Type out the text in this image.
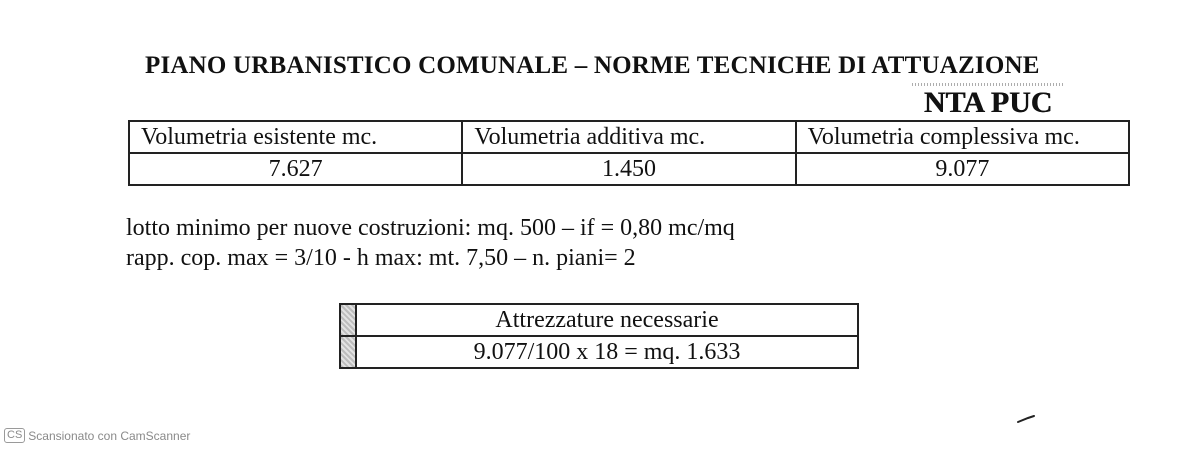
PIANO URBANISTICO COMUNALE – NORME TECNICHE DI ATTUAZIONE
NTA PUC
Volumetria esistente mc.	Volumetria additiva mc.	Volumetria complessiva mc.
7.627	1.450	9.077
lotto minimo per nuove costruzioni: mq. 500 – if = 0,80 mc/mq
rapp. cop. max = 3/10 - h max: mt. 7,50 – n. piani= 2
	Attrezzature necessarie
	9.077/100 x 18 = mq. 1.633
CS Scansionato con CamScanner
